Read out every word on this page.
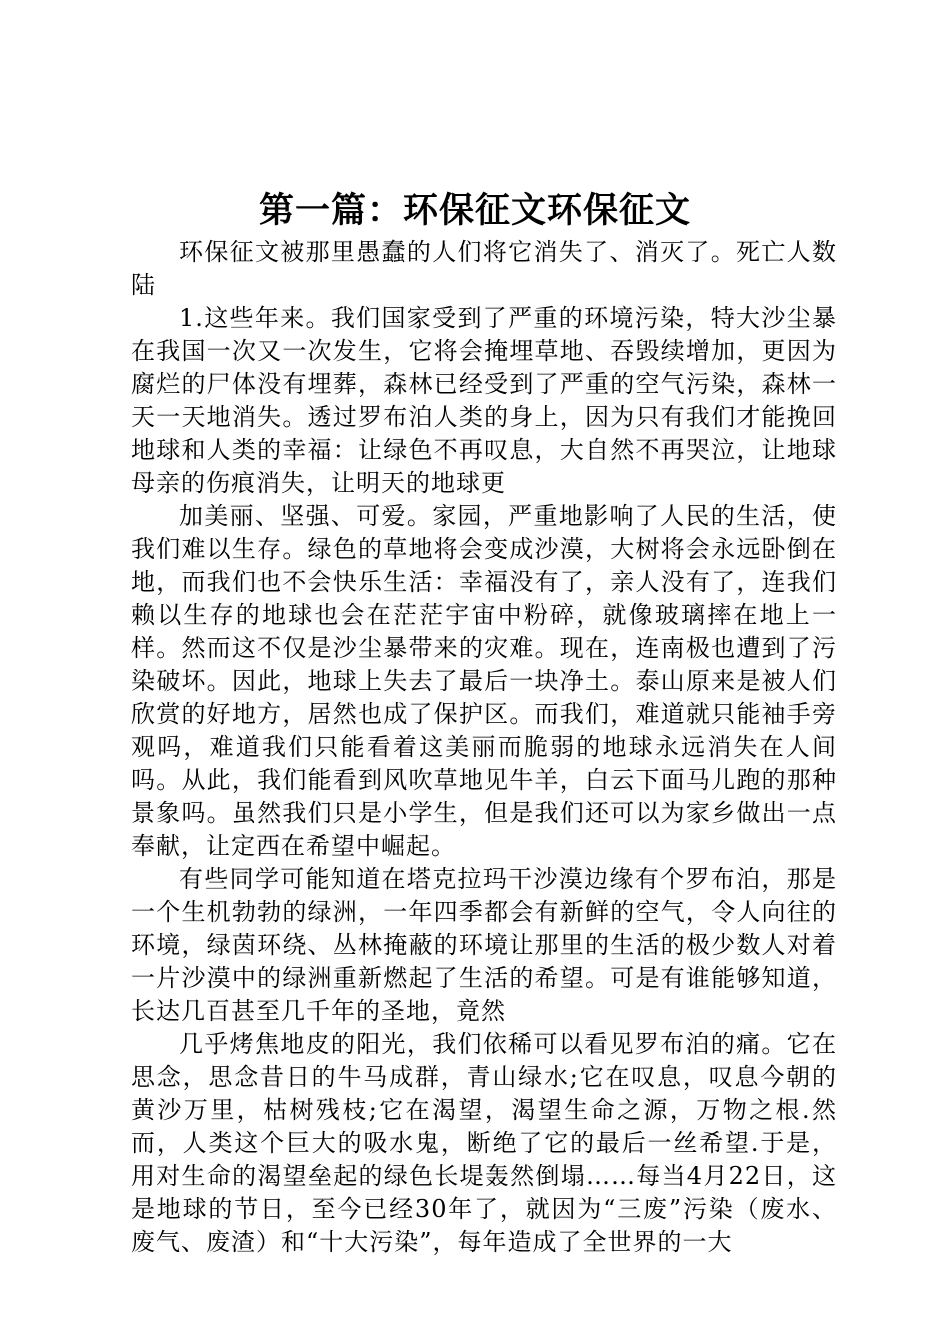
第一篇：环保征文环保征文

环保征文被那里愚蠢的人们将它消失了、消灭了。死亡人数陆

1.这些年来。我们国家受到了严重的环境污染，特大沙尘暴在我国一次又一次发生，它将会掩埋草地、吞毁续增加，更因为腐烂的尸体没有埋葬，森林已经受到了严重的空气污染，森林一天一天地消失。透过罗布泊人类的身上，因为只有我们才能挽回地球和人类的幸福：让绿色不再叹息，大自然不再哭泣，让地球母亲的伤痕消失，让明天的地球更

加美丽、坚强、可爱。家园，严重地影响了人民的生活，使我们难以生存。绿色的草地将会变成沙漠，大树将会永远卧倒在地，而我们也不会快乐生活：幸福没有了，亲人没有了，连我们赖以生存的地球也会在茫茫宇宙中粉碎，就像玻璃摔在地上一样。然而这不仅是沙尘暴带来的灾难。现在，连南极也遭到了污染破坏。因此，地球上失去了最后一块净土。泰山原来是被人们欣赏的好地方，居然也成了保护区。而我们，难道就只能袖手旁观吗，难道我们只能看着这美丽而脆弱的地球永远消失在人间吗。从此，我们能看到风吹草地见牛羊，白云下面马儿跑的那种景象吗。虽然我们只是小学生，但是我们还可以为家乡做出一点奉献，让定西在希望中崛起。

有些同学可能知道在塔克拉玛干沙漠边缘有个罗布泊，那是一个生机勃勃的绿洲，一年四季都会有新鲜的空气，令人向往的环境，绿茵环绕、丛林掩蔽的环境让那里的生活的极少数人对着一片沙漠中的绿洲重新燃起了生活的希望。可是有谁能够知道，长达几百甚至几千年的圣地，竟然

几乎烤焦地皮的阳光，我们依稀可以看见罗布泊的痛。它在思念，思念昔日的牛马成群，青山绿水;它在叹息，叹息今朝的黄沙万里，枯树残枝;它在渴望，渴望生命之源，万物之根.然而，人类这个巨大的吸水鬼，断绝了它的最后一丝希望.于是，用对生命的渴望垒起的绿色长堤轰然倒塌……每当4月22日，这是地球的节日，至今已经30年了，就因为“三废”污染（废水、废气、废渣）和“十大污染”，每年造成了全世界的一大
